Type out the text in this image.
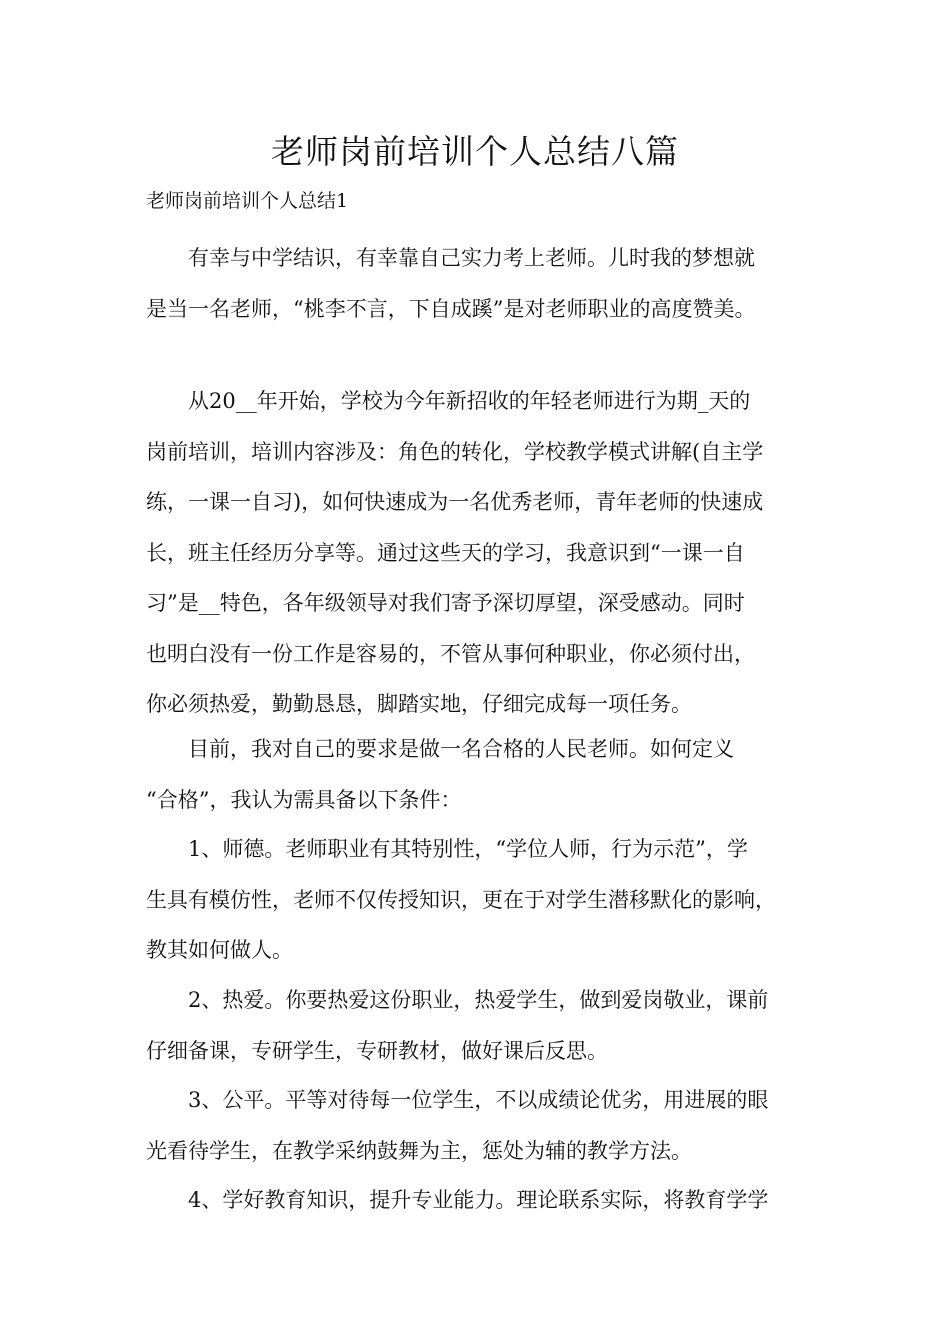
老师岗前培训个人总结八篇

老师岗前培训个人总结1

有幸与中学结识，有幸靠自己实力考上老师。儿时我的梦想就
是当一名老师，“桃李不言，下自成蹊”是对老师职业的高度赞美。

从20__年开始，学校为今年新招收的年轻老师进行为期_天的
岗前培训，培训内容涉及：角色的转化，学校教学模式讲解(自主学
练，一课一自习)，如何快速成为一名优秀老师，青年老师的快速成
长，班主任经历分享等。通过这些天的学习，我意识到“一课一自
习”是__特色，各年级领导对我们寄予深切厚望，深受感动。同时
也明白没有一份工作是容易的，不管从事何种职业，你必须付出，
你必须热爱，勤勤恳恳，脚踏实地，仔细完成每一项任务。

目前，我对自己的要求是做一名合格的人民老师。如何定义
“合格”，我认为需具备以下条件：

1、师德。老师职业有其特别性，“学位人师，行为示范”，学
生具有模仿性，老师不仅传授知识，更在于对学生潜移默化的影响，
教其如何做人。

2、热爱。你要热爱这份职业，热爱学生，做到爱岗敬业，课前
仔细备课，专研学生，专研教材，做好课后反思。

3、公平。平等对待每一位学生，不以成绩论优劣，用进展的眼
光看待学生，在教学采纳鼓舞为主，惩处为辅的教学方法。

4、学好教育知识，提升专业能力。理论联系实际，将教育学学
